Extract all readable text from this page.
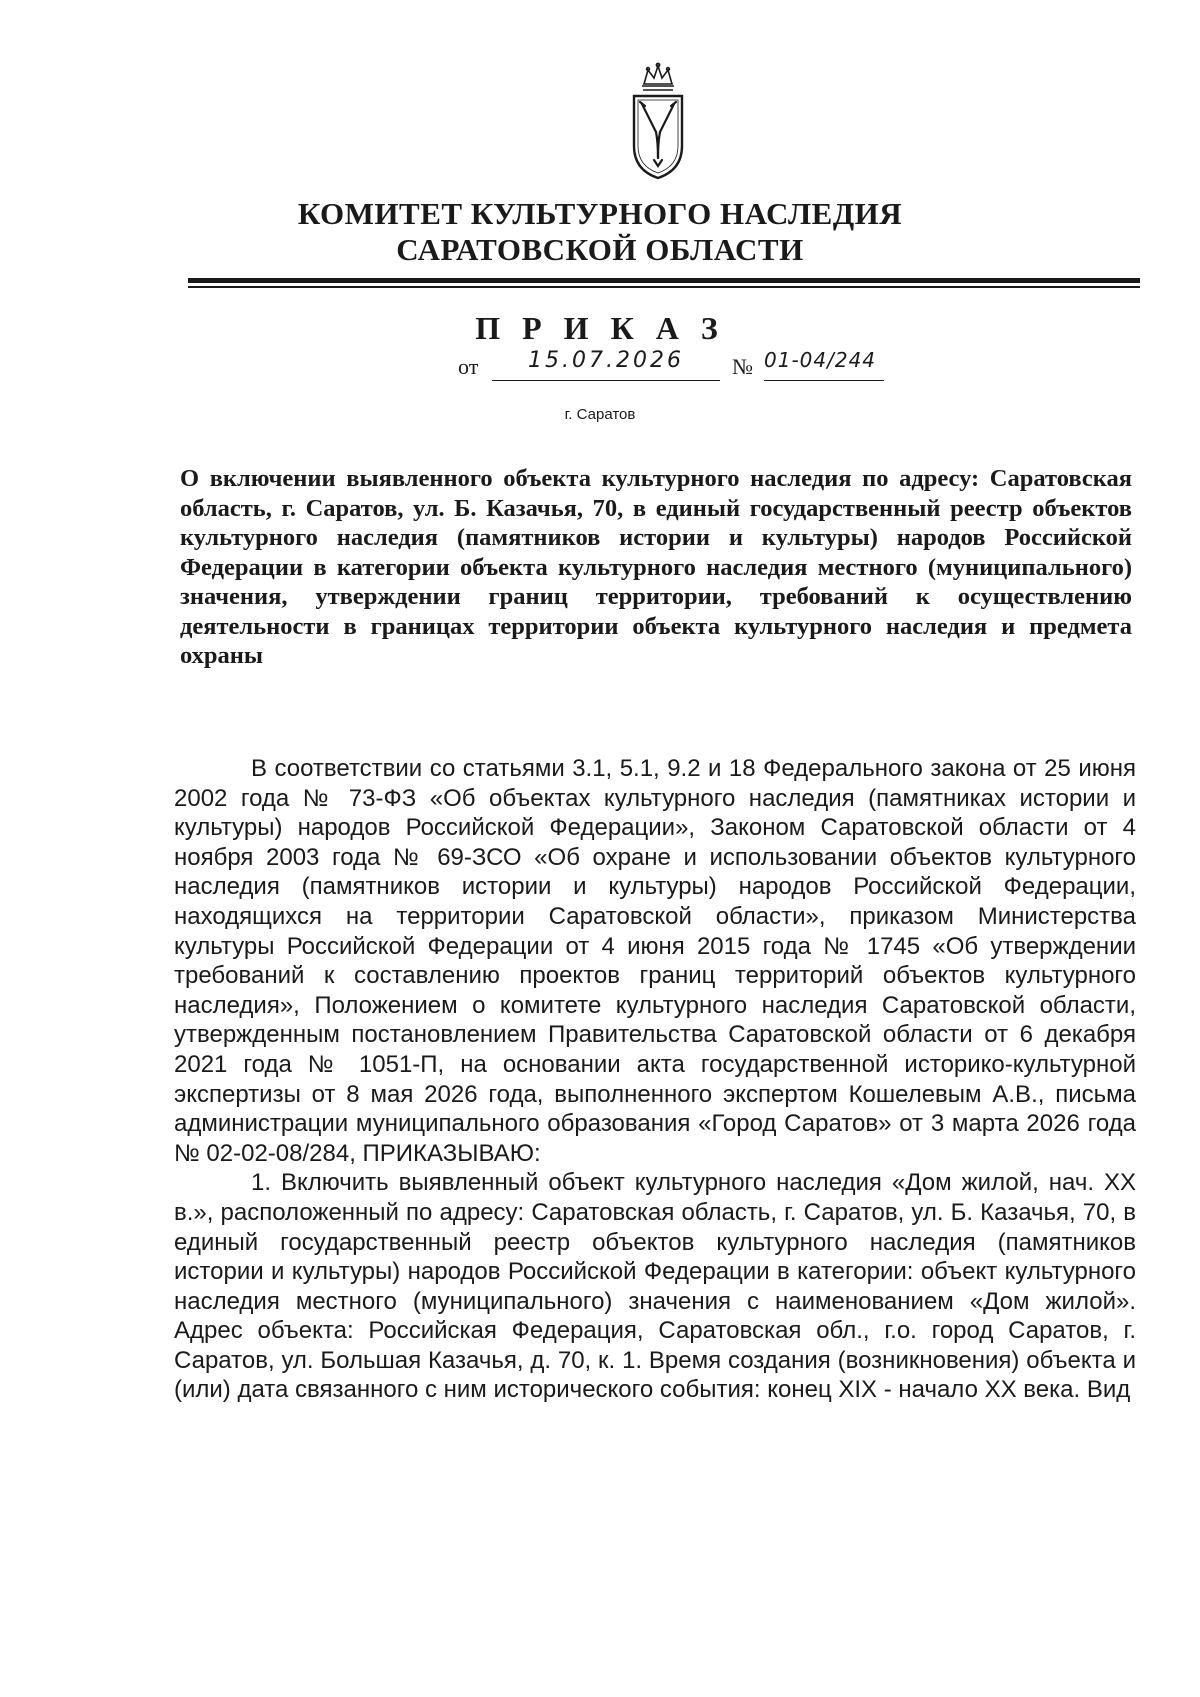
КОМИТЕТ КУЛЬТУРНОГО НАСЛЕДИЯ
САРАТОВСКОЙ ОБЛАСТИ
П Р И К А З
от 15.07.2026 № 01-04/244
г. Саратов
О включении выявленного объекта культурного наследия по адресу: Саратовская область, г. Саратов, ул. Б. Казачья, 70, в единый государственный реестр объектов культурного наследия (памятников истории и культуры) народов Российской Федерации в категории объекта культурного наследия местного (муниципального) значения, утверждении границ территории, требований к осуществлению деятельности в границах территории объекта культурного наследия и предмета охраны

В соответствии со статьями 3.1, 5.1, 9.2 и 18 Федерального закона от 25 июня 2002 года № 73-ФЗ «Об объектах культурного наследия (памятниках истории и культуры) народов Российской Федерации», Законом Саратовской области от 4 ноября 2003 года № 69-ЗСО «Об охране и использовании объектов культурного наследия (памятников истории и культуры) народов Российской Федерации, находящихся на территории Саратовской области», приказом Министерства культуры Российской Федерации от 4 июня 2015 года № 1745 «Об утверждении требований к составлению проектов границ территорий объектов культурного наследия», Положением о комитете культурного наследия Саратовской области, утвержденным постановлением Правительства Саратовской области от 6 декабря 2021 года № 1051-П, на основании акта государственной историко-культурной экспертизы от 8 мая 2026 года, выполненного экспертом Кошелевым А.В., письма администрации муниципального образования «Город Саратов» от 3 марта 2026 года № 02-02-08/284, ПРИКАЗЫВАЮ:

1. Включить выявленный объект культурного наследия «Дом жилой, нач. XX в.», расположенный по адресу: Саратовская область, г. Саратов, ул. Б. Казачья, 70, в единый государственный реестр объектов культурного наследия (памятников истории и культуры) народов Российской Федерации в категории: объект культурного наследия местного (муниципального) значения с наименованием «Дом жилой». Адрес объекта: Российская Федерация, Саратовская обл., г.о. город Саратов, г. Саратов, ул. Большая Казачья, д. 70, к. 1. Время создания (возникновения) объекта и (или) дата связанного с ним исторического события: конец XIX - начало XX века. Вид
